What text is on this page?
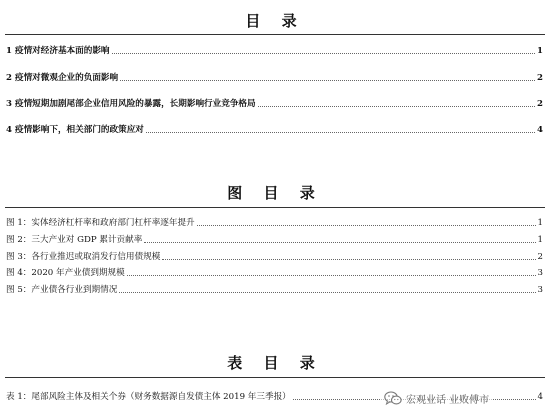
目 录
1 疫情对经济基本面的影响	1
2 疫情对微观企业的负面影响	2
3 疫情短期加剧尾部企业信用风险的暴露，长期影响行业竞争格局	2
4 疫情影响下，相关部门的政策应对	4
图 目 录
图 1：实体经济杠杆率和政府部门杠杆率逐年提升	1
图 2：三大产业对 GDP 累计贡献率	1
图 3：各行业推迟或取消发行信用债规模	2
图 4：2020 年产业债到期规模	3
图 5：产业债各行业到期情况	3
表 目 录
表 1：尾部风险主体及相关个券（财务数据源自发债主体 2019 年三季报）	4
宏观业话 业败傅市
